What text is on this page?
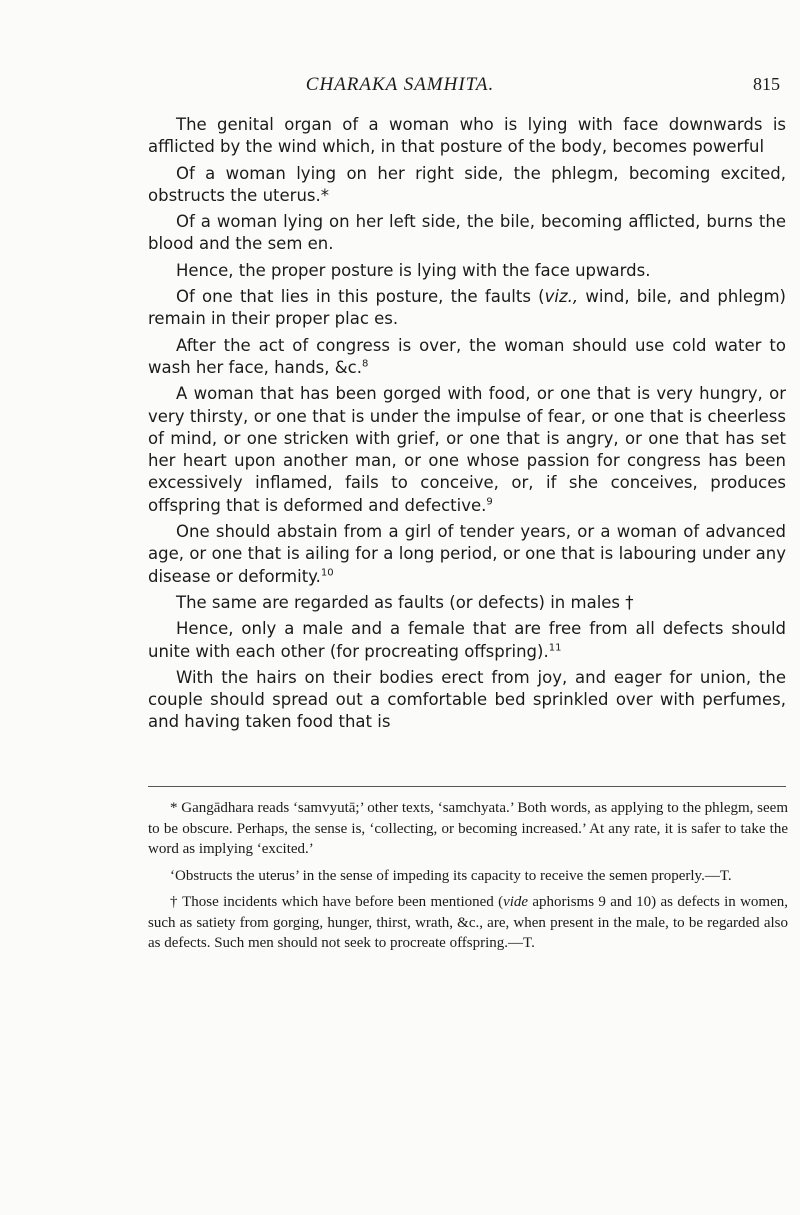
CHARAKA SAMHITA.	815

The genital organ of a woman who is lying with face downwards is afflicted by the wind which, in that posture of the body, becomes powerful

Of a woman lying on her right side, the phlegm, becoming excited, obstructs the uterus.*

Of a woman lying on her left side, the bile, becoming afflicted, burns the blood and the sem en.

Hence, the proper posture is lying with the face upwards.

Of one that lies in this posture, the faults (viz., wind, bile, and phlegm) remain in their proper plac es.

After the act of congress is over, the woman should use cold water to wash her face, hands, &c.$^8$

A woman that has been gorged with food, or one that is very hungry, or very thirsty, or one that is under the impulse of fear, or one that is cheerless of mind, or one stricken with grief, or one that is angry, or one that has set her heart upon another man, or one whose passion for congress has been excessively inflamed, fails to conceive, or, if she conceives, produces offspring that is deformed and defective.$^9$

One should abstain from a girl of tender years, or a woman of advanced age, or one that is ailing for a long period, or one that is labouring under any disease or deformity.$^{10}$

The same are regarded as faults (or defects) in males †

Hence, only a male and a female that are free from all defects should unite with each other (for procreating offspring).$^{11}$

With the hairs on their bodies erect from joy, and eager for union, the couple should spread out a comfortable bed sprinkled over with perfumes, and having taken food that is

* Gangādhara reads ‘samvyutā;’ other texts, ‘samchyata.’ Both words, as applying to the phlegm, seem to be obscure. Perhaps, the sense is, ‘collecting, or becoming increased.’ At any rate, it is safer to take the word as implying ‘excited.’

‘Obstructs the uterus’ in the sense of impeding its capacity to receive the semen properly.—T.

† Those incidents which have before been mentioned (vide aphorisms 9 and 10) as defects in women, such as satiety from gorging, hunger, thirst, wrath, &c., are, when present in the male, to be regarded also as defects. Such men should not seek to procreate offspring.—T.
